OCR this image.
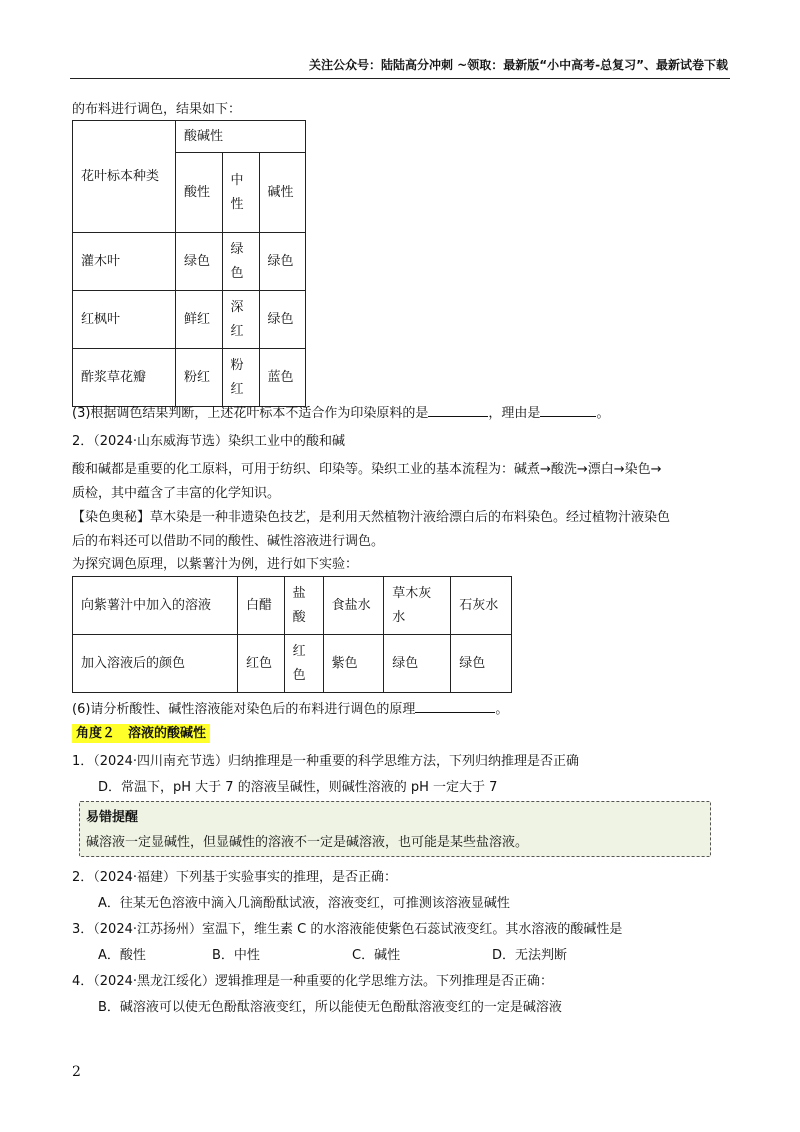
关注公众号：陆陆高分冲刺 ~领取：最新版“小中高考-总复习”、最新试卷下载
的布料进行调色，结果如下：
花叶标本种类	酸碱性		
	酸性	中性	碱性
灌木叶	绿色	绿色	绿色
红枫叶	鲜红	深红	绿色
酢浆草花瓣	粉红	粉红	蓝色
(3)根据调色结果判断，上述花叶标本不适合作为印染原料的是	，理由是	。
2．（2024·山东威海节选）染织工业中的酸和碱
酸和碱都是重要的化工原料，可用于纺织、印染等。染织工业的基本流程为：碱煮→酸洗→漂白→染色→
质检，其中蕴含了丰富的化学知识。
【染色奥秘】草木染是一种非遗染色技艺，是利用天然植物汁液给漂白后的布料染色。经过植物汁液染色
后的布料还可以借助不同的酸性、碱性溶液进行调色。
为探究调色原理，以紫薯汁为例，进行如下实验：
向紫薯汁中加入的溶液	白醋	盐酸	食盐水	草木灰水	石灰水
加入溶液后的颜色	红色	红色	紫色	绿色	绿色
(6)请分析酸性、碱性溶液能对染色后的布料进行调色的原理	。
角度２　溶液的酸碱性
1．（2024·四川南充节选）归纳推理是一种重要的科学思维方法，下列归纳推理是否正确
D．常温下，pH 大于 7 的溶液呈碱性，则碱性溶液的 pH 一定大于 7
易错提醒
碱溶液一定显碱性，但显碱性的溶液不一定是碱溶液，也可能是某些盐溶液。
2．（2024·福建）下列基于实验事实的推理，是否正确：
A．往某无色溶液中滴入几滴酚酞试液，溶液变红，可推测该溶液显碱性
3．（2024·江苏扬州）室温下，维生素 C 的水溶液能使紫色石蕊试液变红。其水溶液的酸碱性是
A．酸性	B．中性	C．碱性	D．无法判断
4．（2024·黑龙江绥化）逻辑推理是一种重要的化学思维方法。下列推理是否正确：
B．碱溶液可以使无色酚酞溶液变红，所以能使无色酚酞溶液变红的一定是碱溶液
2
